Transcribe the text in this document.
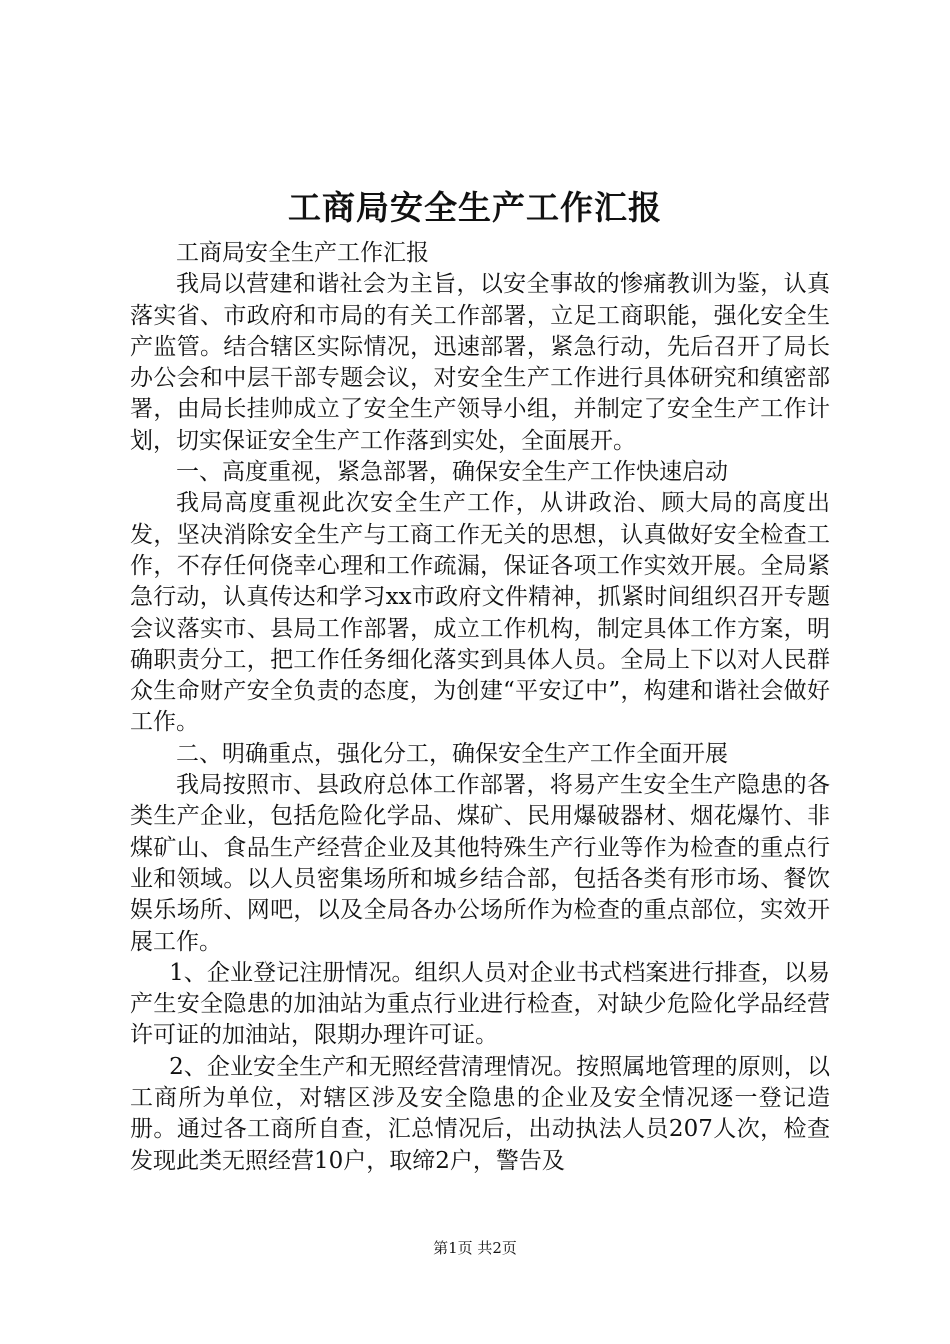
工商局安全生产工作汇报

工商局安全生产工作汇报

我局以营建和谐社会为主旨，以安全事故的惨痛教训为鉴，认真落实省、市政府和市局的有关工作部署，立足工商职能，强化安全生产监管。结合辖区实际情况，迅速部署，紧急行动，先后召开了局长办公会和中层干部专题会议，对安全生产工作进行具体研究和缜密部署，由局长挂帅成立了安全生产领导小组，并制定了安全生产工作计划，切实保证安全生产工作落到实处，全面展开。

一、高度重视，紧急部署，确保安全生产工作快速启动

我局高度重视此次安全生产工作，从讲政治、顾大局的高度出发，坚决消除安全生产与工商工作无关的思想，认真做好安全检查工作，不存任何侥幸心理和工作疏漏，保证各项工作实效开展。全局紧急行动，认真传达和学习xx市政府文件精神，抓紧时间组织召开专题会议落实市、县局工作部署，成立工作机构，制定具体工作方案，明确职责分工，把工作任务细化落实到具体人员。全局上下以对人民群众生命财产安全负责的态度，为创建“平安辽中”，构建和谐社会做好工作。

二、明确重点，强化分工，确保安全生产工作全面开展

我局按照市、县政府总体工作部署，将易产生安全生产隐患的各类生产企业，包括危险化学品、煤矿、民用爆破器材、烟花爆竹、非煤矿山、食品生产经营企业及其他特殊生产行业等作为检查的重点行业和领域。以人员密集场所和城乡结合部，包括各类有形市场、餐饮娱乐场所、网吧，以及全局各办公场所作为检查的重点部位，实效开展工作。

1、企业登记注册情况。组织人员对企业书式档案进行排查，以易产生安全隐患的加油站为重点行业进行检查，对缺少危险化学品经营许可证的加油站，限期办理许可证。

2、企业安全生产和无照经营清理情况。按照属地管理的原则，以工商所为单位，对辖区涉及安全隐患的企业及安全情况逐一登记造册。通过各工商所自查，汇总情况后，出动执法人员207人次，检查发现此类无照经营10户，取缔2户，警告及

第1页 共2页
